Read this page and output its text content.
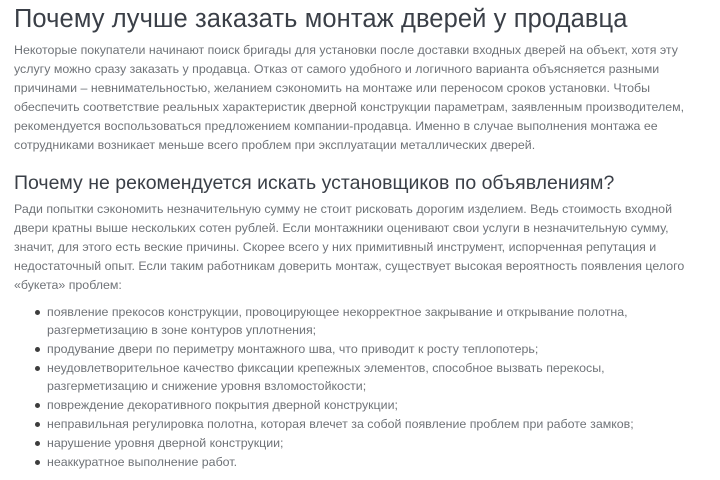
Почему лучше заказать монтаж дверей у продавца

Некоторые покупатели начинают поиск бригады для установки после доставки входных дверей на объект, хотя эту услугу можно сразу заказать у продавца. Отказ от самого удобного и логичного варианта объясняется разными причинами – невнимательностью, желанием сэкономить на монтаже или переносом сроков установки. Чтобы обеспечить соответствие реальных характеристик дверной конструкции параметрам, заявленным производителем, рекомендуется воспользоваться предложением компании-продавца. Именно в случае выполнения монтажа ее сотрудниками возникает меньше всего проблем при эксплуатации металлических дверей.

Почему не рекомендуется искать установщиков по объявлениям?

Ради попытки сэкономить незначительную сумму не стоит рисковать дорогим изделием. Ведь стоимость входной двери кратны выше нескольких сотен рублей. Если монтажники оценивают свои услуги в незначительную сумму, значит, для этого есть веские причины. Скорее всего у них примитивный инструмент, испорченная репутация и недостаточный опыт. Если таким работникам доверить монтаж, существует высокая вероятность появления целого «букета» проблем:

появление прекосов конструкции, провоцирующее некорректное закрывание и открывание полотна, разгерметизацию в зоне контуров уплотнения;
продувание двери по периметру монтажного шва, что приводит к росту теплопотерь;
неудовлетворительное качество фиксации крепежных элементов, способное вызвать перекосы, разгерметизацию и снижение уровня взломостойкости;
повреждение декоративного покрытия дверной конструкции;
неправильная регулировка полотна, которая влечет за собой появление проблем при работе замков;
нарушение уровня дверной конструкции;
неаккуратное выполнение работ.
